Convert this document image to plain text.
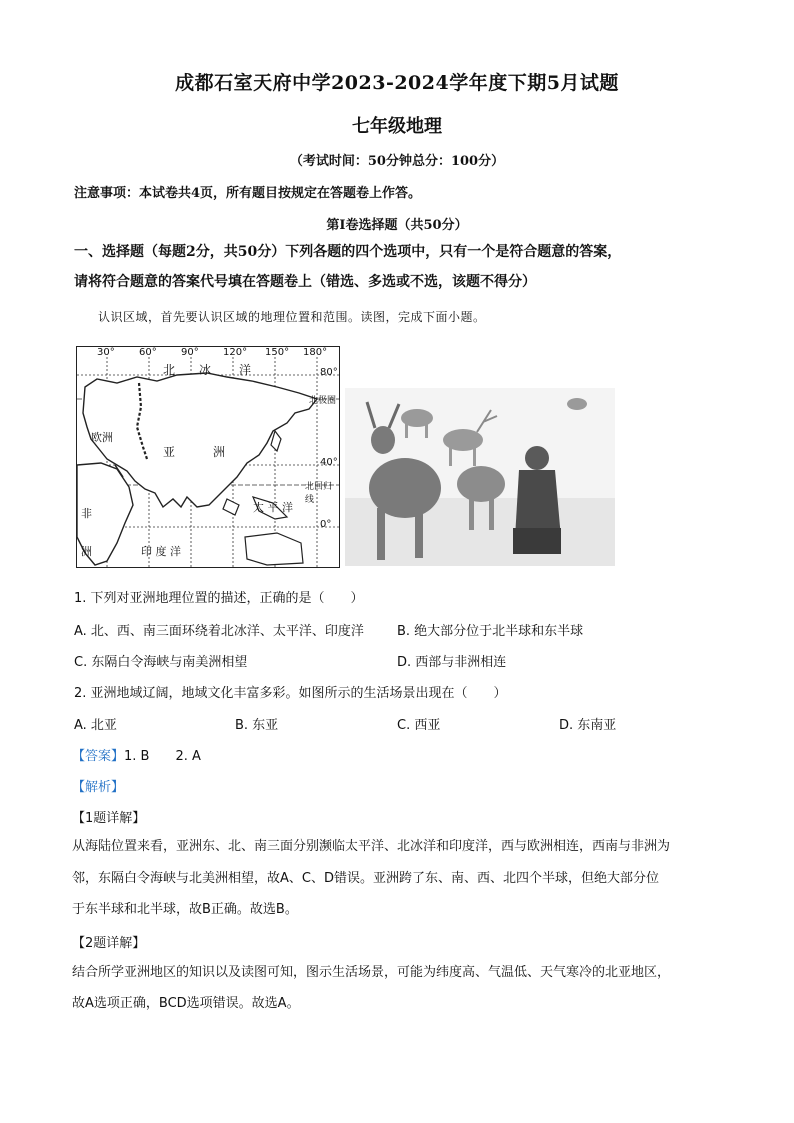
成都石室天府中学2023-2024学年度下期5月试题
七年级地理
（考试时间：50分钟总分：100分）
注意事项：本试卷共4页，所有题目按规定在答题卷上作答。
第Ⅰ卷选择题（共50分）
一、选择题（每题2分，共50分）下列各题的四个选项中，只有一个是符合题意的答案，
请将符合题意的答案代号填在答题卷上（错选、多选或不选，该题不得分）
认识区域，首先要认识区域的地理位置和范围。读图，完成下面小题。
30° 60° 90° 120° 150° 180°
80°
40°
0°
北 冰 洋
北极圈
欧洲
亚	洲
北回归线
太 平 洋
非
洲	印 度 洋
1. 下列对亚洲地理位置的描述，正确的是（　　）
A. 北、西、南三面环绕着北冰洋、太平洋、印度洋	B. 绝大部分位于北半球和东半球
C. 东隔白令海峡与南美洲相望	D. 西部与非洲相连
2. 亚洲地域辽阔，地域文化丰富多彩。如图所示的生活场景出现在（　　）
A. 北亚	B. 东亚	C. 西亚	D. 东南亚
【答案】1. B　　2. A
【解析】
【1题详解】
从海陆位置来看，亚洲东、北、南三面分别濒临太平洋、北冰洋和印度洋，西与欧洲相连，西南与非洲为
邻，东隔白令海峡与北美洲相望，故A、C、D错误。亚洲跨了东、南、西、北四个半球，但绝大部分位
于东半球和北半球，故B正确。故选B。
【2题详解】
结合所学亚洲地区的知识以及读图可知，图示生活场景，可能为纬度高、气温低、天气寒冷的北亚地区，
故A选项正确，BCD选项错误。故选A。
